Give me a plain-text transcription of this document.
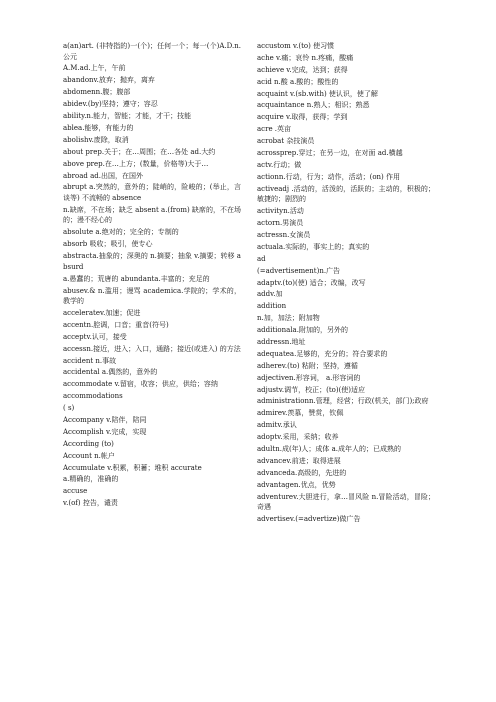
a(an)art. (非特指的)一(个)；任何一个；每一(个)A.D.n.公元
A.M.ad.上午，午前
abandonv.放弃；抛弃，离弃
abdomenn.腹；腹部
abidev.(by)坚持；遵守；容忍
ability.n.能力，智能；才能，才干；技能
ablea.能够，有能力的
abolishv.废除，取消
about prep.关于；在…周围；在…各处 ad.大约
above prep.在…上方；(数量，价格等)大于…
abroad ad.出国，在国外
abrupt a.突然的，意外的；陡峭的，险峻的；(举止，言谈等) 不流畅的 absence
n.缺席，不在场；缺乏 absent a.(from) 缺席的，不在场的；漫不经心的
absolute a.绝对的；完全的；专制的
absorb 吸收；吸引，使专心
abstracta.抽象的；深奥的 n.摘要；抽象 v.摘要；转移 absurd
a.愚蠢的；荒唐的 abundanta.丰富的；充足的
abusev.& n.滥用；谩骂 academica.学院的；学术的，教学的
acceleratev.加速；促进
accentn.腔调，口音；重音(符号)
acceptv.认可，接受
accessn.接近，进入；入口，通路；接近(或进入) 的方法
accident n.事故
accidental a.偶然的，意外的
accommodate v.留宿，收容；供应，供给；容纳
accommodations
( s)
Accompany v.陪伴，陪同
Accomplish v.完成，实现
According (to)
Account n.帐户
Accumulate v.积累，积蓄；堆积 accurate
a.精确的，准确的
accuse
v.(of) 控告，谴责
accustom v.(to) 使习惯
ache v.痛；哀怜 n.疼痛，酸痛
achieve v.完成，达到；获得
acid n.酸 a.酸的；酸性的
acquaint v.(sb.with) 使认识，使了解
acquaintance n.熟人；相识；熟悉
acquire v.取得，获得；学到
acre .英亩
acrobat 杂技演员
acrossprep.穿过；在另一边，在对面 ad.横越
actv.行动；做
actionn.行动，行为；动作，活动；(on) 作用
activeadj .活动的，活泼的，活跃的；主动的，积极的；敏捷的；剧烈的
activityn.活动
actorn.男演员
actressn.女演员
actuala.实际的，事实上的；真实的
ad
(=advertisement)n.广告
adaptv.(to)(使) 适合；改编，改写
addv.加
addition
n.加，加法；附加物
additionala.附加的，另外的
addressn.地址
adequatea.足够的，充分的；符合要求的
adherev.(to) 粘附；坚持，遵循
adjectiven.形容词， a.形容词的
adjustv.调节，校正；(to)(使)适应
administrationn.管理，经营；行政(机关，部门);政府
admirev.羡慕，赞赏，钦佩
admitv.承认
adoptv.采用，采纳；收养
adultn.成(年)人；成体 a.成年人的；已成熟的
advancev.前进；取得进展
advanceda.高级的，先进的
advantagen.优点，优势
adventurev.大胆进行，拿…冒风险 n.冒险活动，冒险；奇遇
advertisev.(=advertize)做广告
